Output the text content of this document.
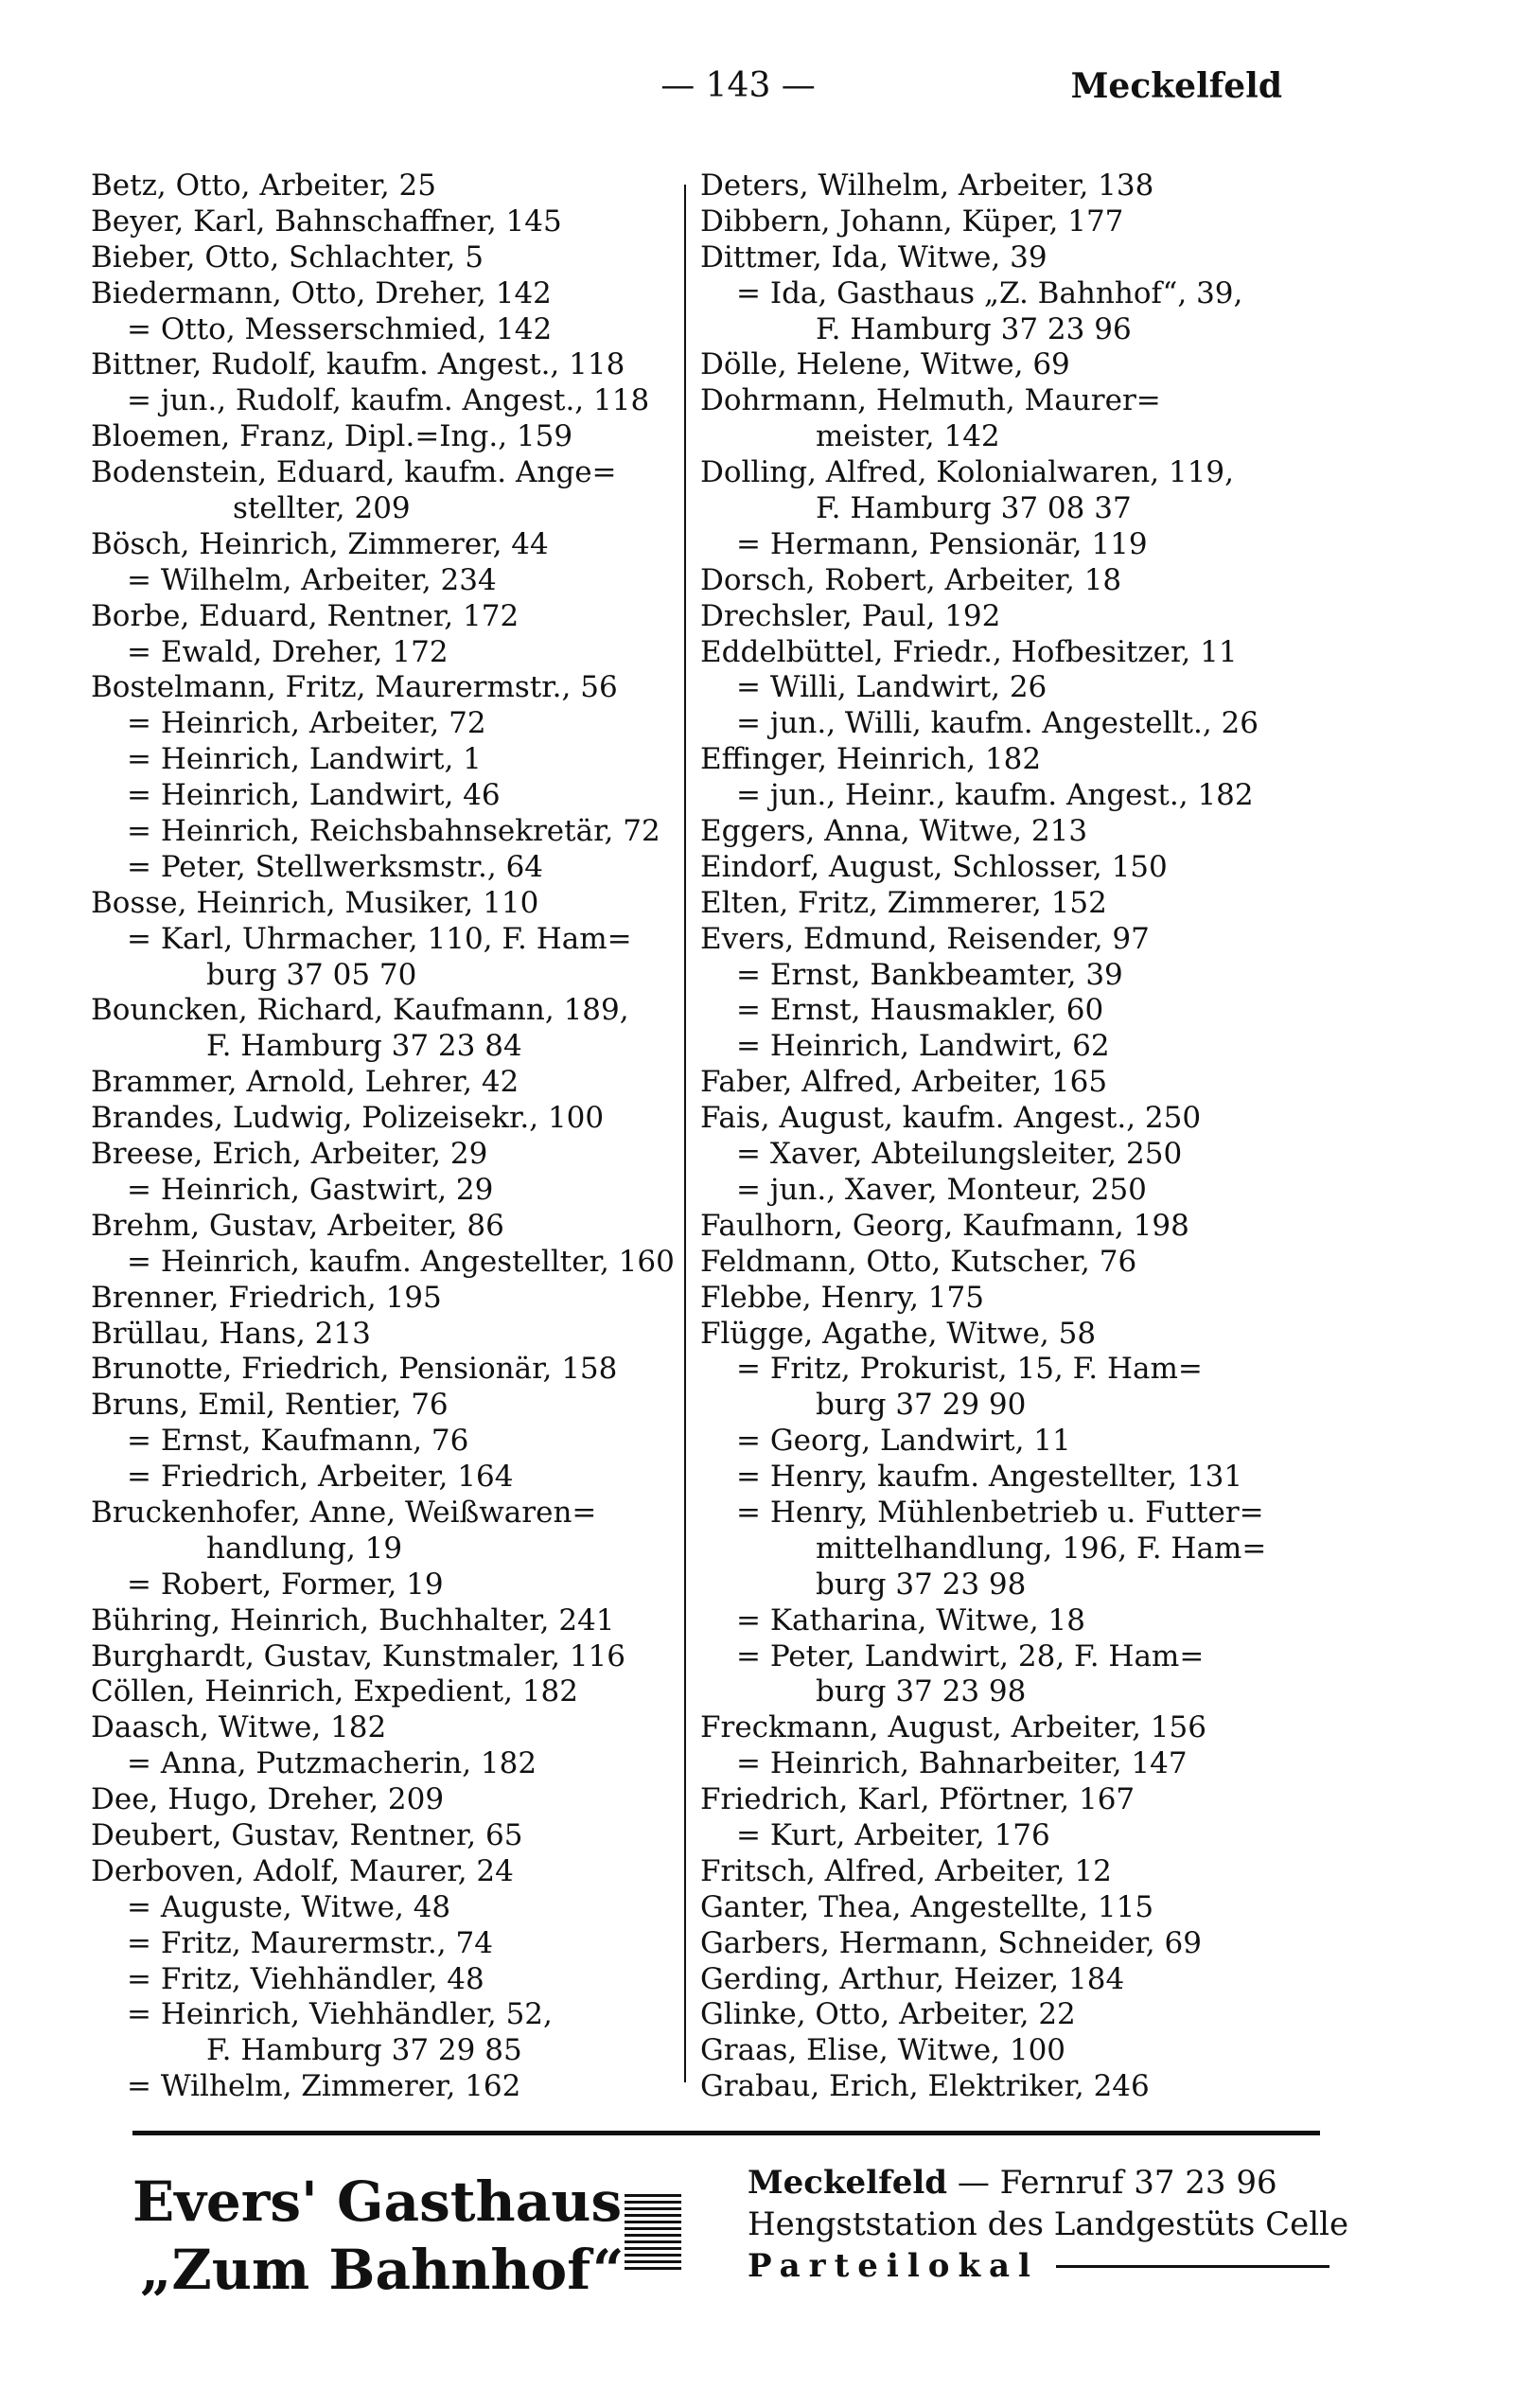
— 143 —	Meckelfeld
Betz, Otto, Arbeiter, 25
Beyer, Karl, Bahnschaffner, 145
Bieber, Otto, Schlachter, 5
Biedermann, Otto, Dreher, 142
= Otto, Messerschmied, 142
Bittner, Rudolf, kaufm. Angest., 118
= jun., Rudolf, kaufm. Angest., 118
Bloemen, Franz, Dipl.=Ing., 159
Bodenstein, Eduard, kaufm. Ange=
stellter, 209
Bösch, Heinrich, Zimmerer, 44
= Wilhelm, Arbeiter, 234
Borbe, Eduard, Rentner, 172
= Ewald, Dreher, 172
Bostelmann, Fritz, Maurermstr., 56
= Heinrich, Arbeiter, 72
= Heinrich, Landwirt, 1
= Heinrich, Landwirt, 46
= Heinrich, Reichsbahnsekretär, 72
= Peter, Stellwerksmstr., 64
Bosse, Heinrich, Musiker, 110
= Karl, Uhrmacher, 110, F. Ham=
burg 37 05 70
Bouncken, Richard, Kaufmann, 189,
F. Hamburg 37 23 84
Brammer, Arnold, Lehrer, 42
Brandes, Ludwig, Polizeisekr., 100
Breese, Erich, Arbeiter, 29
= Heinrich, Gastwirt, 29
Brehm, Gustav, Arbeiter, 86
= Heinrich, kaufm. Angestellter, 160
Brenner, Friedrich, 195
Brüllau, Hans, 213
Brunotte, Friedrich, Pensionär, 158
Bruns, Emil, Rentier, 76
= Ernst, Kaufmann, 76
= Friedrich, Arbeiter, 164
Bruckenhofer, Anne, Weißwaren=
handlung, 19
= Robert, Former, 19
Bühring, Heinrich, Buchhalter, 241
Burghardt, Gustav, Kunstmaler, 116
Cöllen, Heinrich, Expedient, 182
Daasch, Witwe, 182
= Anna, Putzmacherin, 182
Dee, Hugo, Dreher, 209
Deubert, Gustav, Rentner, 65
Derboven, Adolf, Maurer, 24
= Auguste, Witwe, 48
= Fritz, Maurermstr., 74
= Fritz, Viehhändler, 48
= Heinrich, Viehhändler, 52,
F. Hamburg 37 29 85
= Wilhelm, Zimmerer, 162
Deters, Wilhelm, Arbeiter, 138
Dibbern, Johann, Küper, 177
Dittmer, Ida, Witwe, 39
= Ida, Gasthaus „Z. Bahnhof“, 39,
F. Hamburg 37 23 96
Dölle, Helene, Witwe, 69
Dohrmann, Helmuth, Maurer=
meister, 142
Dolling, Alfred, Kolonialwaren, 119,
F. Hamburg 37 08 37
= Hermann, Pensionär, 119
Dorsch, Robert, Arbeiter, 18
Drechsler, Paul, 192
Eddelbüttel, Friedr., Hofbesitzer, 11
= Willi, Landwirt, 26
= jun., Willi, kaufm. Angestellt., 26
Effinger, Heinrich, 182
= jun., Heinr., kaufm. Angest., 182
Eggers, Anna, Witwe, 213
Eindorf, August, Schlosser, 150
Elten, Fritz, Zimmerer, 152
Evers, Edmund, Reisender, 97
= Ernst, Bankbeamter, 39
= Ernst, Hausmakler, 60
= Heinrich, Landwirt, 62
Faber, Alfred, Arbeiter, 165
Fais, August, kaufm. Angest., 250
= Xaver, Abteilungsleiter, 250
= jun., Xaver, Monteur, 250
Faulhorn, Georg, Kaufmann, 198
Feldmann, Otto, Kutscher, 76
Flebbe, Henry, 175
Flügge, Agathe, Witwe, 58
= Fritz, Prokurist, 15, F. Ham=
burg 37 29 90
= Georg, Landwirt, 11
= Henry, kaufm. Angestellter, 131
= Henry, Mühlenbetrieb u. Futter=
mittelhandlung, 196, F. Ham=
burg 37 23 98
= Katharina, Witwe, 18
= Peter, Landwirt, 28, F. Ham=
burg 37 23 98
Freckmann, August, Arbeiter, 156
= Heinrich, Bahnarbeiter, 147
Friedrich, Karl, Pförtner, 167
= Kurt, Arbeiter, 176
Fritsch, Alfred, Arbeiter, 12
Ganter, Thea, Angestellte, 115
Garbers, Hermann, Schneider, 69
Gerding, Arthur, Heizer, 184
Glinke, Otto, Arbeiter, 22
Graas, Elise, Witwe, 100
Grabau, Erich, Elektriker, 246
Evers' Gasthaus
„Zum Bahnhof“
Meckelfeld — Fernruf 37 23 96
Hengststation des Landgestüts Celle
Parteilokal
